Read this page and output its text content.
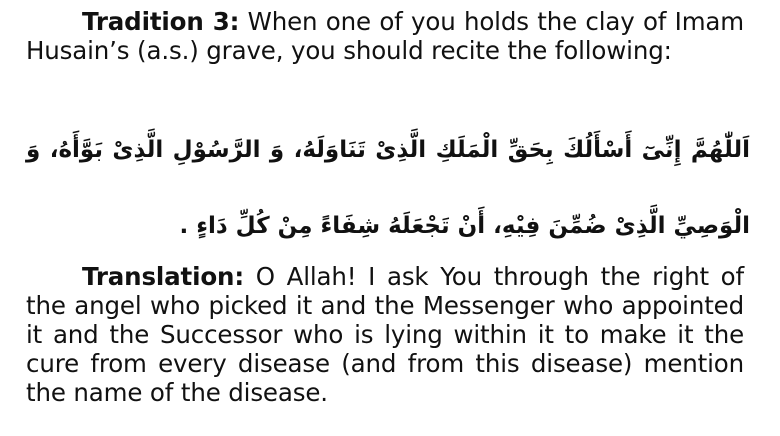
Tradition 3: When one of you holds the clay of Imam Husain’s (a.s.) grave, you should recite the following:
اَللّٰهُمَّ إِنِّىٓ أَسْأَلُكَ بِحَقِّ الْمَلَكِ الَّذِىْ تَنَاوَلَهُ، وَ الرَّسُوْلِ الَّذِىْ بَوَّأَهُ، وَ الْوَصِيِّ الَّذِىْ ضُمِّنَ فِيْهِ، أَنْ تَجْعَلَهُ شِفَاءً مِنْ كُلِّ دَاءٍ .
Translation: O Allah! I ask You through the right of the angel who picked it and the Messenger who appointed it and the Successor who is lying within it to make it the cure from every disease (and from this disease) mention the name of the disease.
